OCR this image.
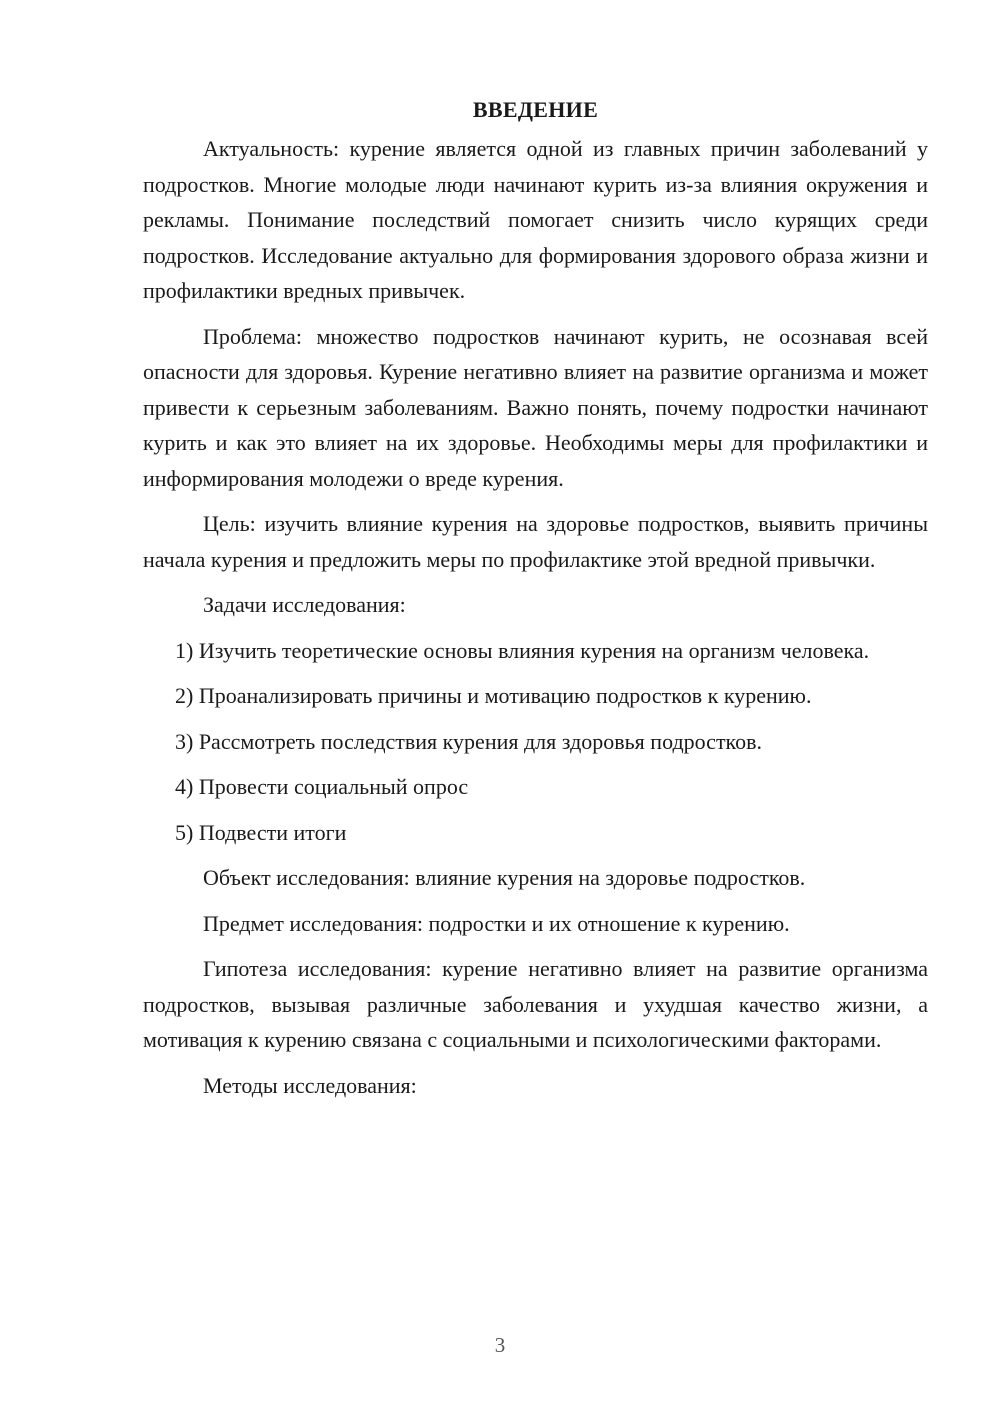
ВВЕДЕНИЕ

Актуальность: курение является одной из главных причин заболеваний у подростков. Многие молодые люди начинают курить из-за влияния окружения и рекламы. Понимание последствий помогает снизить число курящих среди подростков. Исследование актуально для формирования здорового образа жизни и профилактики вредных привычек.

Проблема: множество подростков начинают курить, не осознавая всей опасности для здоровья. Курение негативно влияет на развитие организма и может привести к серьезным заболеваниям. Важно понять, почему подростки начинают курить и как это влияет на их здоровье. Необходимы меры для профилактики и информирования молодежи о вреде курения.

Цель: изучить влияние курения на здоровье подростков, выявить причины начала курения и предложить меры по профилактике этой вредной привычки.

Задачи исследования:

1) Изучить теоретические основы влияния курения на организм человека.

2) Проанализировать причины и мотивацию подростков к курению.

3) Рассмотреть последствия курения для здоровья подростков.

4) Провести социальный опрос

5) Подвести итоги

Объект исследования: влияние курения на здоровье подростков.

Предмет исследования: подростки и их отношение к курению.

Гипотеза исследования: курение негативно влияет на развитие организма подростков, вызывая различные заболевания и ухудшая качество жизни, а мотивация к курению связана с социальными и психологическими факторами.

Методы исследования:

3
